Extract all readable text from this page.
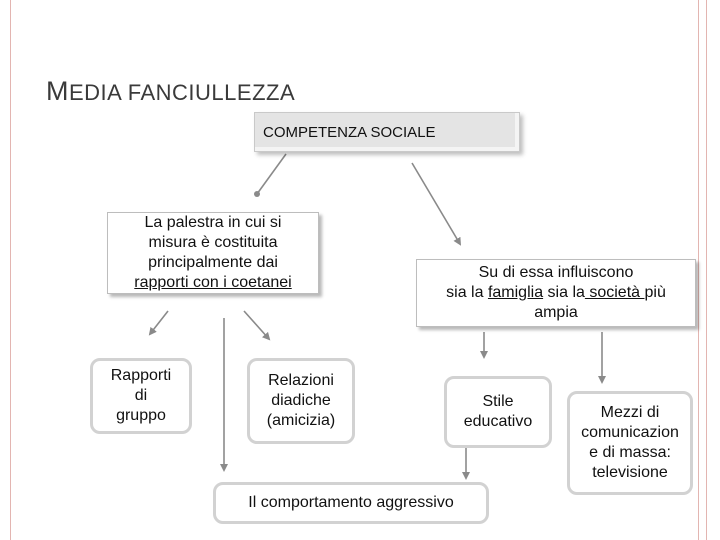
MEDIA FANCIULLEZZA
COMPETENZA SOCIALE
La palestra in cui si
misura è costituita
principalmente dai
rapporti con i coetanei
Su di essa influiscono
sia la famiglia sia la società più
ampia
Rapporti
di
gruppo
Relazioni
diadiche
(amicizia)
Stile
educativo
Mezzi di
comunicazion
e di massa:
televisione
Il comportamento aggressivo
